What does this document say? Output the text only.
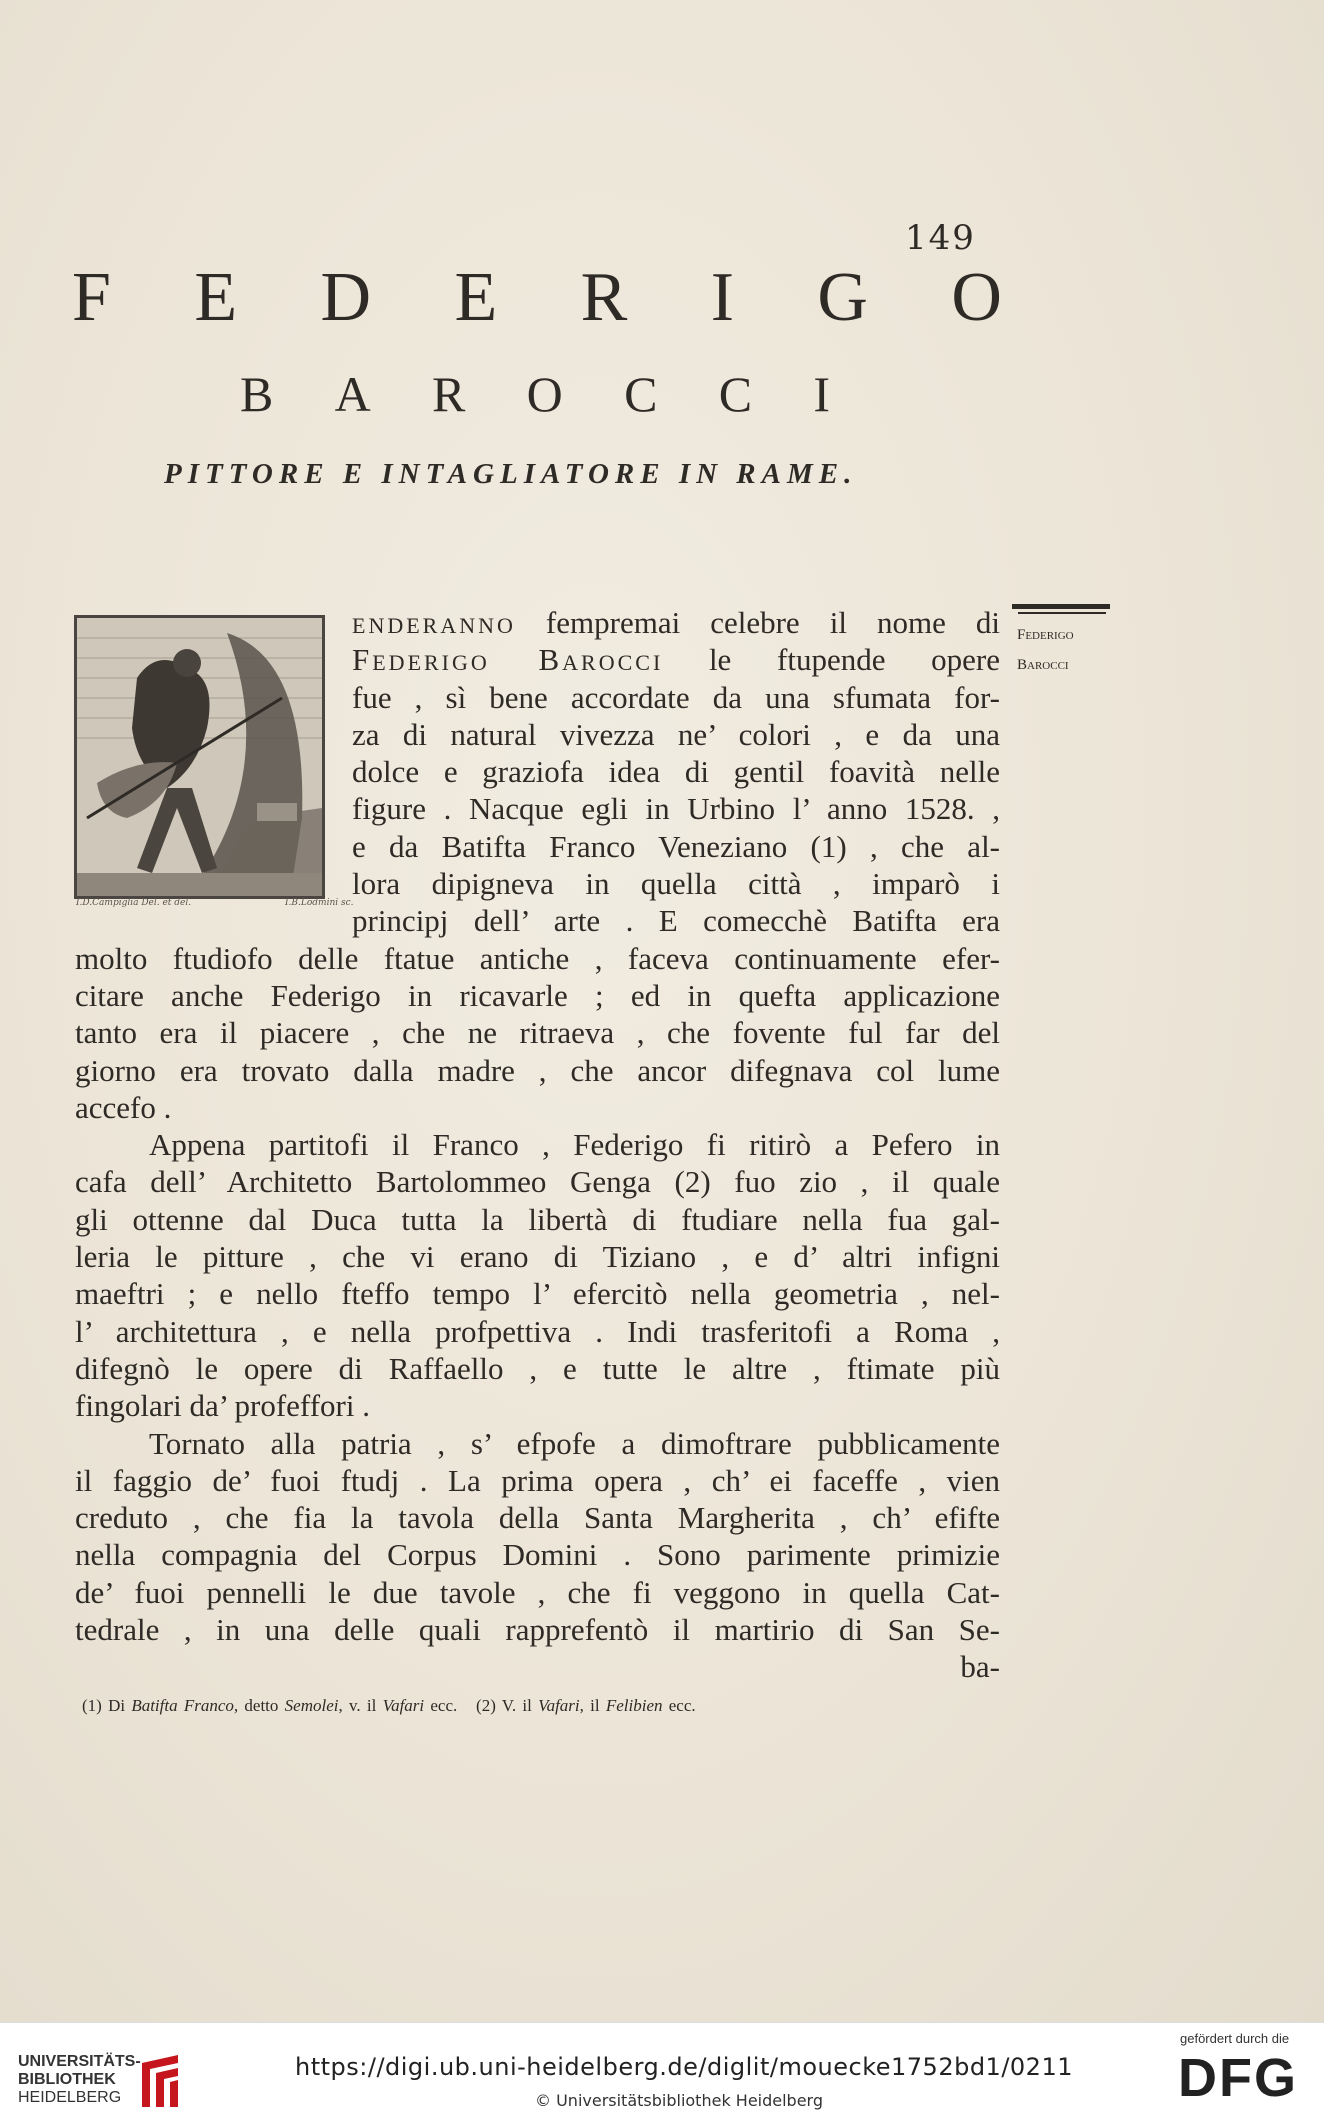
149
F E D E R I G O
B A R O C C I
PITTORE E INTAGLIATORE IN RAME.
I.D.Campiglia Del. et del.	I.B.Lodmini sc.
Federigo
Barocci
enderanno fempremai celebre il nome di
Federigo Barocci le ftupende opere
fue , sì bene accordate da una sfumata for-
za di natural vivezza ne’ colori , e da una
dolce e graziofa idea di gentil foavità nelle
figure . Nacque egli in Urbino l’ anno 1528. ,
e da Batifta Franco Veneziano (1) , che al-
lora dipigneva in quella città , imparò i
principj dell’ arte . E comecchè Batifta era
molto ftudiofo delle ftatue antiche , faceva continuamente efer-
citare anche Federigo in ricavarle ; ed in quefta applicazione
tanto era il piacere , che ne ritraeva , che fovente ful far del
giorno era trovato dalla madre , che ancor difegnava col lume
accefo .
Appena partitofi il Franco , Federigo fi ritirò a Pefero in
cafa dell’ Architetto Bartolommeo Genga (2) fuo zio , il quale
gli ottenne dal Duca tutta la libertà di ftudiare nella fua gal-
leria le pitture , che vi erano di Tiziano , e d’ altri infigni
maeftri ; e nello fteffo tempo l’ efercitò nella geometria , nel-
l’ architettura , e nella profpettiva . Indi trasferitofi a Roma ,
difegnò le opere di Raffaello , e tutte le altre , ftimate più
fingolari da’ profeffori .
Tornato alla patria , s’ efpofe a dimoftrare pubblicamente
il faggio de’ fuoi ftudj . La prima opera , ch’ ei faceffe , vien
creduto , che fia la tavola della Santa Margherita , ch’ efifte
nella compagnia del Corpus Domini . Sono parimente primizie
de’ fuoi pennelli le due tavole , che fi veggono in quella Cat-
tedrale , in una delle quali rapprefentò il martirio di San Se-
ba-
(1) Di Batifta Franco, detto Semolei, v. il Vafari ecc. (2) V. il Vafari, il Felibien ecc.
UNIVERSITÄTS-
BIBLIOTHEK
HEIDELBERG
https://digi.ub.uni-heidelberg.de/diglit/mouecke1752bd1/0211
© Universitätsbibliothek Heidelberg
gefördert durch die
DFG
